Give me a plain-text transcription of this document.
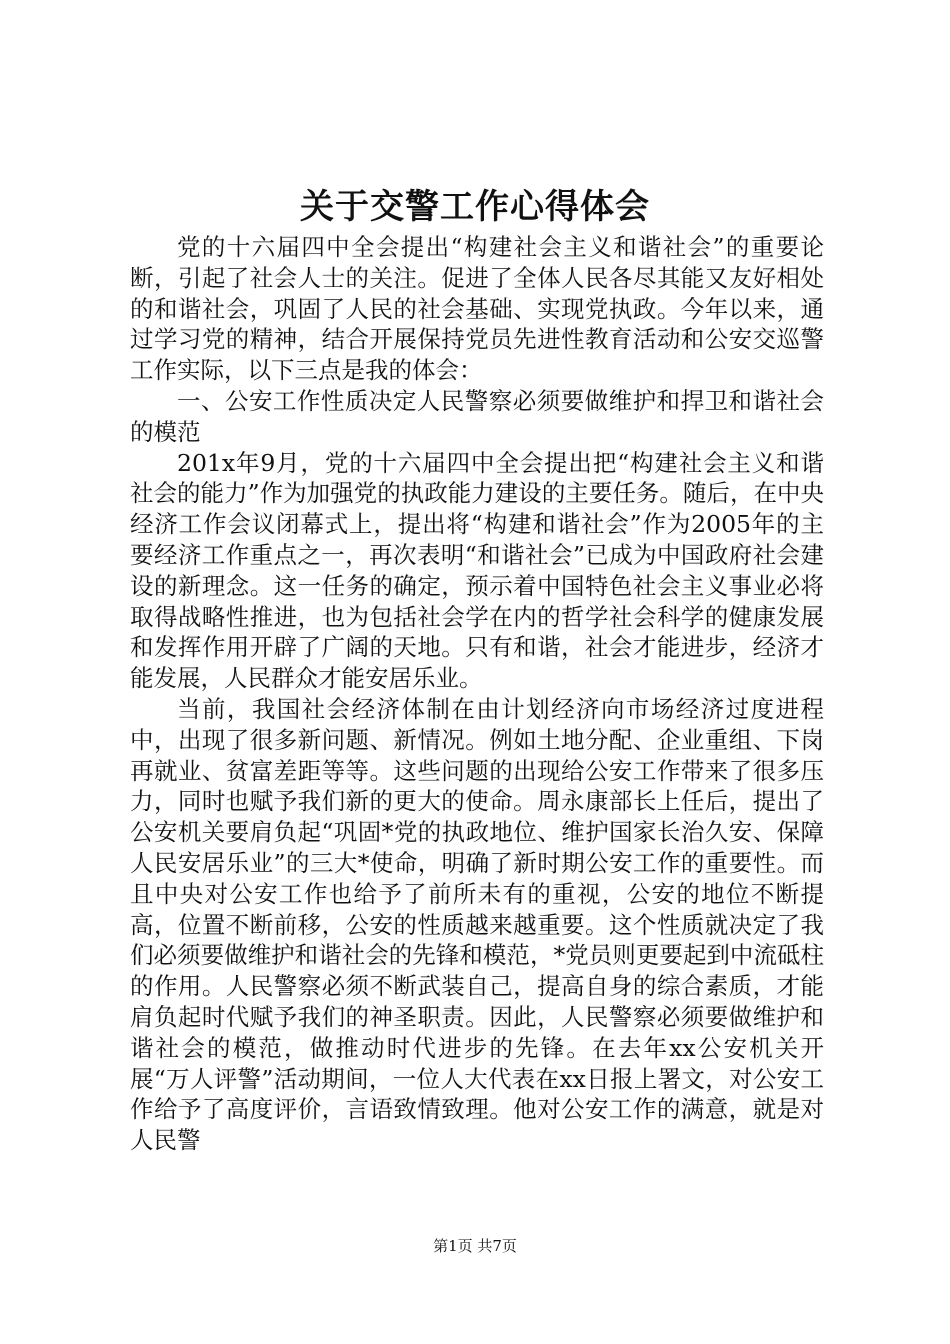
关于交警工作心得体会

党的十六届四中全会提出“构建社会主义和谐社会”的重要论断，引起了社会人士的关注。促进了全体人民各尽其能又友好相处的和谐社会，巩固了人民的社会基础、实现党执政。今年以来，通过学习党的精神，结合开展保持党员先进性教育活动和公安交巡警工作实际，以下三点是我的体会：

一、公安工作性质决定人民警察必须要做维护和捍卫和谐社会的模范

201x年9月，党的十六届四中全会提出把“构建社会主义和谐社会的能力”作为加强党的执政能力建设的主要任务。随后，在中央经济工作会议闭幕式上，提出将“构建和谐社会”作为2005年的主要经济工作重点之一，再次表明“和谐社会”已成为中国政府社会建设的新理念。这一任务的确定，预示着中国特色社会主义事业必将取得战略性推进，也为包括社会学在内的哲学社会科学的健康发展和发挥作用开辟了广阔的天地。只有和谐，社会才能进步，经济才能发展，人民群众才能安居乐业。

当前，我国社会经济体制在由计划经济向市场经济过度进程中，出现了很多新问题、新情况。例如土地分配、企业重组、下岗再就业、贫富差距等等。这些问题的出现给公安工作带来了很多压力，同时也赋予我们新的更大的使命。周永康部长上任后，提出了公安机关要肩负起“巩固*党的执政地位、维护国家长治久安、保障人民安居乐业”的三大*使命，明确了新时期公安工作的重要性。而且中央对公安工作也给予了前所未有的重视，公安的地位不断提高，位置不断前移，公安的性质越来越重要。这个性质就决定了我们必须要做维护和谐社会的先锋和模范，*党员则更要起到中流砥柱的作用。人民警察必须不断武装自己，提高自身的综合素质，才能肩负起时代赋予我们的神圣职责。因此，人民警察必须要做维护和谐社会的模范，做推动时代进步的先锋。在去年xx公安机关开展“万人评警”活动期间，一位人大代表在xx日报上署文，对公安工作给予了高度评价，言语致情致理。他对公安工作的满意，就是对人民警

第1页 共7页
